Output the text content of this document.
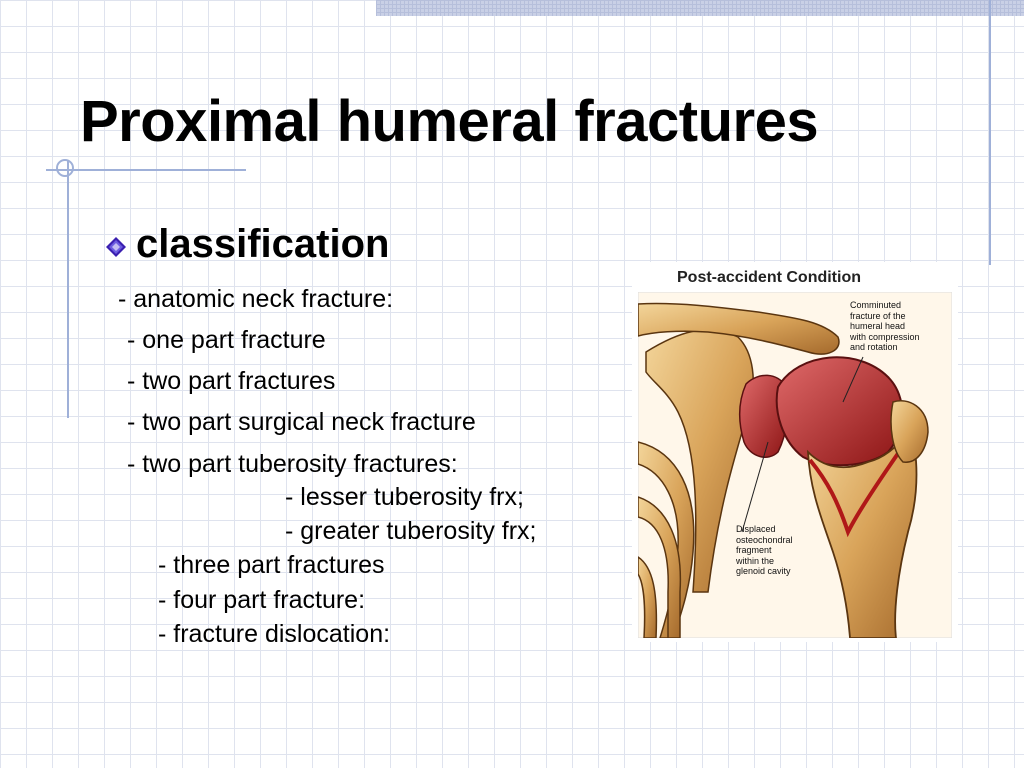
Proximal humeral fractures
classification

- anatomic neck fracture:

- one part fracture

- two part fractures

- two part surgical neck fracture

- two part tuberosity fractures:

- lesser tuberosity frx;

- greater tuberosity frx;

- three part fractures

- four part fracture:

- fracture dislocation:

Post-accident Condition
Comminuted
fracture of the
humeral head
with compression
and rotation
Displaced
osteochondral
fragment
within the
glenoid cavity
